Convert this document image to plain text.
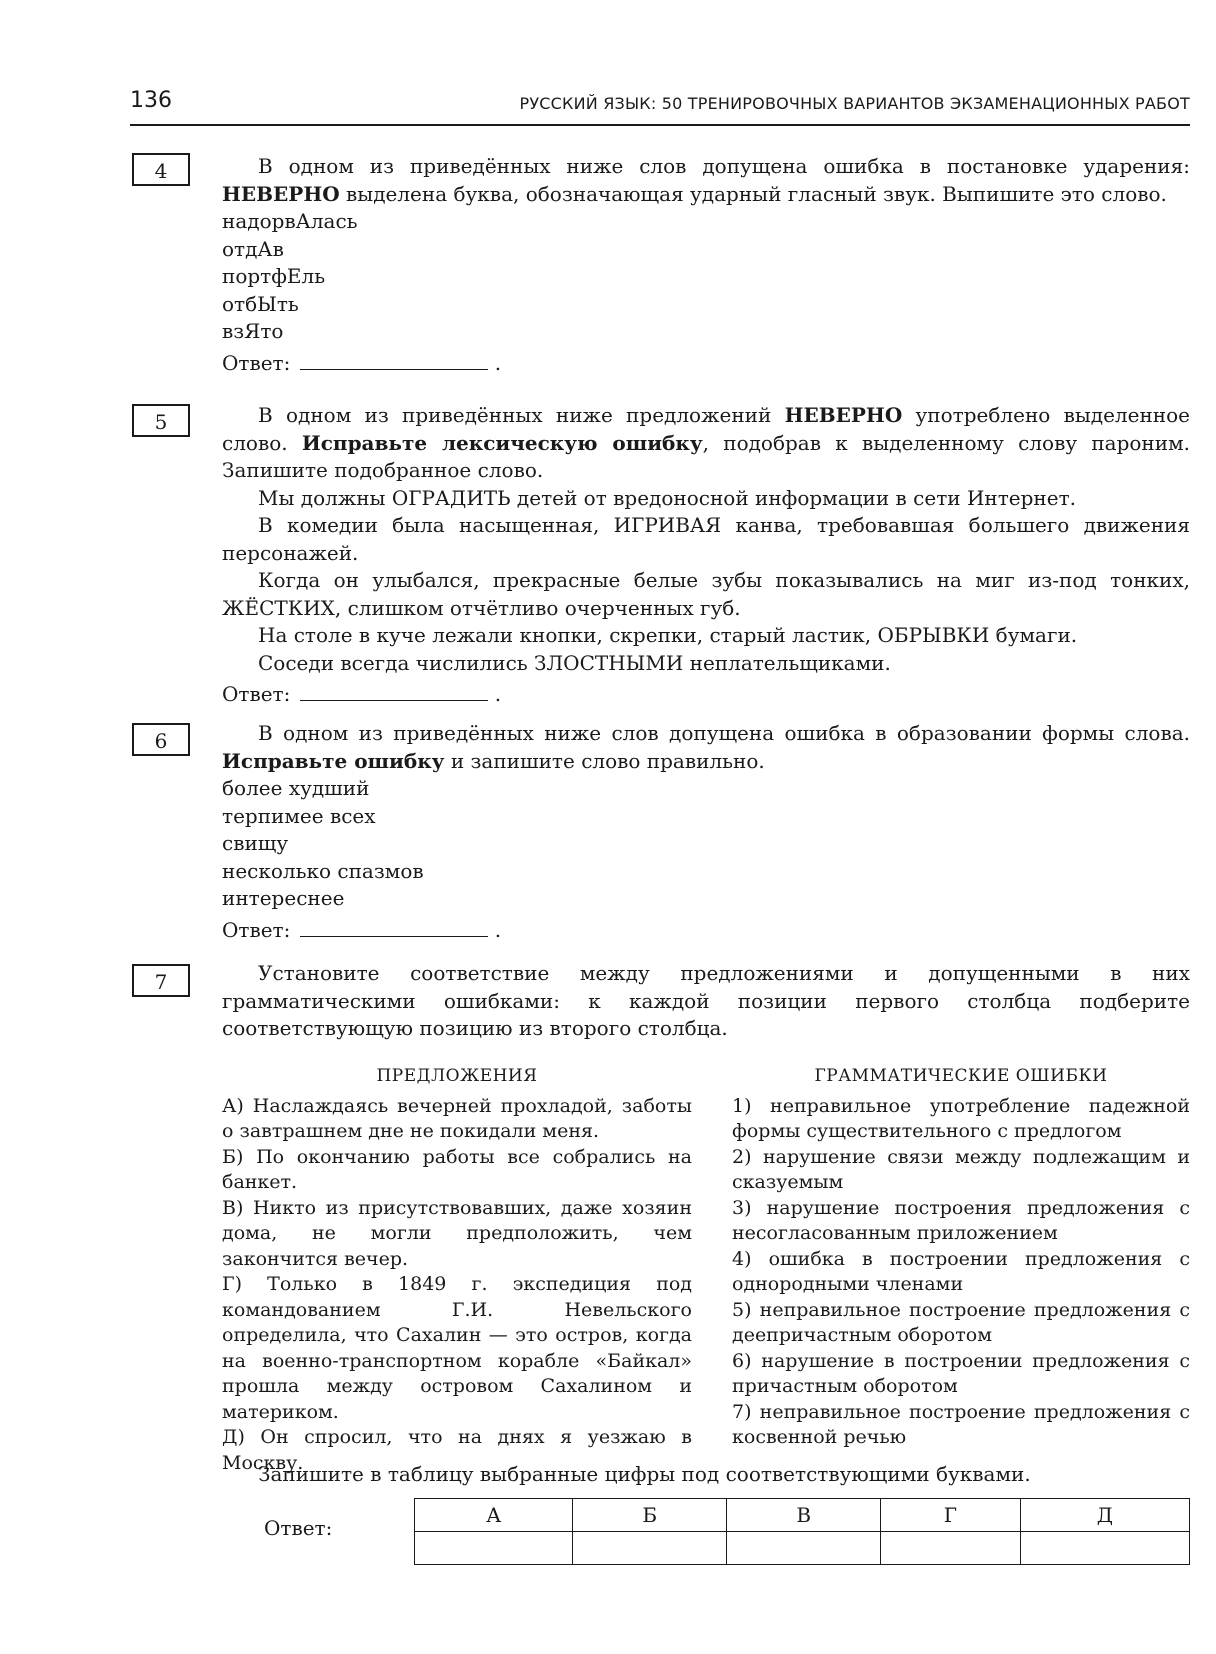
136	РУССКИЙ ЯЗЫК: 50 ТРЕНИРОВОЧНЫХ ВАРИАНТОВ ЭКЗАМЕНАЦИОННЫХ РАБОТ
4	В одном из приведённых ниже слов допущена ошибка в постановке ударения: НЕВЕРНО выделена буква, обозначающая ударный гласный звук. Выпишите это слово.

надорвАлась

отдАв

портфЕль

отбЫть

взЯто

Ответ:	.

5	В одном из приведённых ниже предложений НЕВЕРНО употреблено выделенное слово. Исправьте лексическую ошибку, подобрав к выделенному слову пароним. Запишите подобранное слово.

Мы должны ОГРАДИТЬ детей от вредоносной информации в сети Интернет.

В комедии была насыщенная, ИГРИВАЯ канва, требовавшая большего движения персонажей.

Когда он улыбался, прекрасные белые зубы показывались на миг из-под тонких, ЖЁСТКИХ, слишком отчётливо очерченных губ.

На столе в куче лежали кнопки, скрепки, старый ластик, ОБРЫВКИ бумаги.

Соседи всегда числились ЗЛОСТНЫМИ неплательщиками.

Ответ:	.

6	В одном из приведённых ниже слов допущена ошибка в образовании формы слова. Исправьте ошибку и запишите слово правильно.

более худший

терпимее всех

свищу

несколько спазмов

интереснее

Ответ:	.

7	Установите соответствие между предложениями и допущенными в них грамматическими ошибками: к каждой позиции первого столбца подберите соответствующую позицию из второго столбца.

ПРЕДЛОЖЕНИЯ

А) Наслаждаясь вечерней прохладой, заботы о завтрашнем дне не покидали меня.

Б) По окончанию работы все собрались на банкет.

В) Никто из присутствовавших, даже хозяин дома, не могли предположить, чем закончится вечер.

Г) Только в 1849 г. экспедиция под командованием Г.И. Невельского определила, что Сахалин — это остров, когда на военно-транспортном корабле «Байкал» прошла между островом Сахалином и материком.

Д) Он спросил, что на днях я уезжаю в Москву.

ГРАММАТИЧЕСКИЕ ОШИБКИ

1) неправильное употребление падежной формы существительного с предлогом

2) нарушение связи между подлежащим и сказуемым

3) нарушение построения предложения с несогласованным приложением

4) ошибка в построении предложения с однородными членами

5) неправильное построение предложения с деепричастным оборотом

6) нарушение в построении предложения с причастным оборотом

7) неправильное построение предложения с косвенной речью

Запишите в таблицу выбранные цифры под соответствующими буквами.
Ответ:
А	Б	В	Г	Д
